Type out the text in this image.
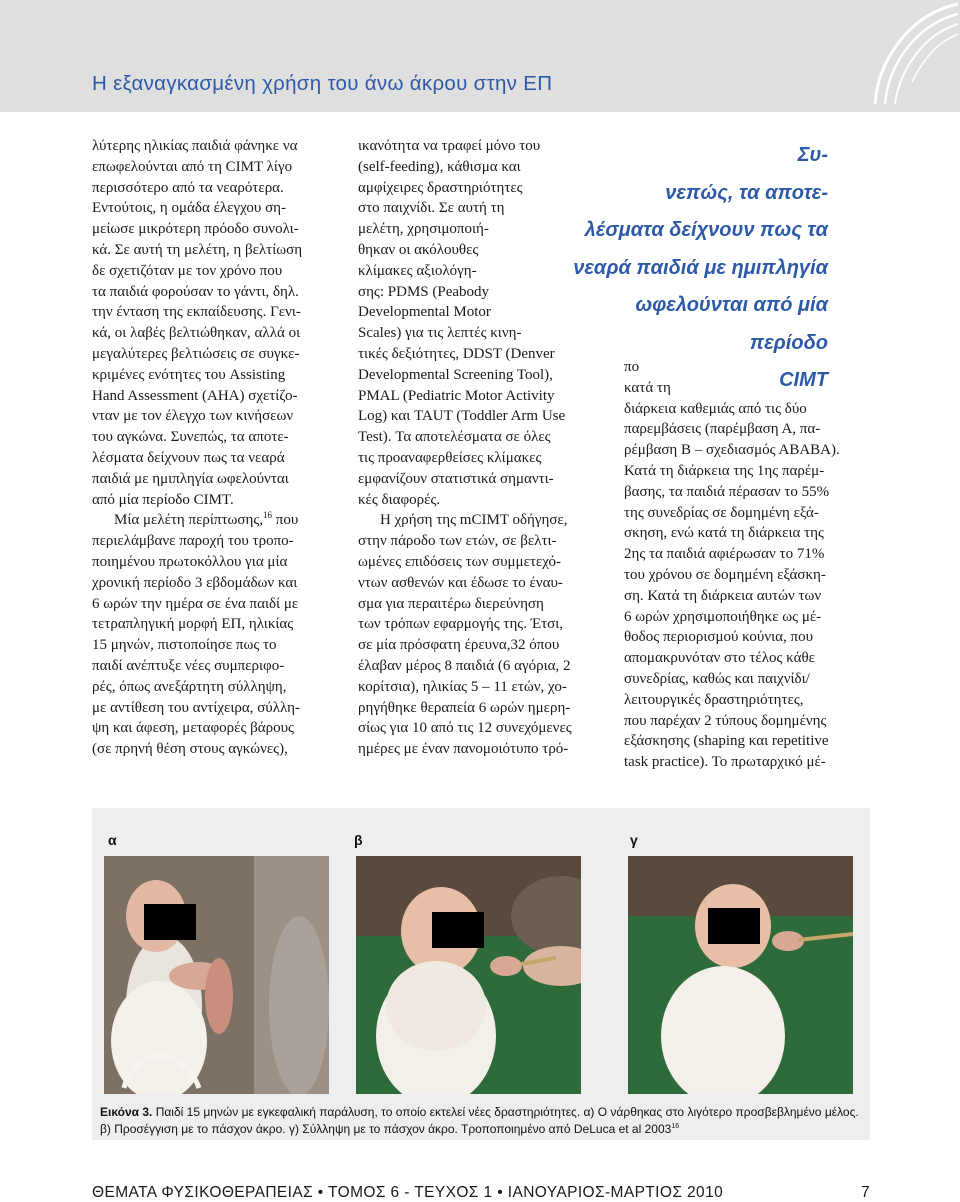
Η εξαναγκασμένη χρήση του άνω άκρου στην ΕΠ
λύτερης ηλικίας παιδιά φάνηκε να
επωφελούνται από τη CIMT λίγο
περισσότερο από τα νεαρότερα.
Εντούτοις, η ομάδα έλεγχου ση-
μείωσε μικρότερη πρόοδο συνολι-
κά. Σε αυτή τη μελέτη, η βελτίωση
δε σχετιζόταν με τον χρόνο που
τα παιδιά φορούσαν το γάντι, δηλ.
την ένταση της εκπαίδευσης. Γενι-
κά, οι λαβές βελτιώθηκαν, αλλά οι
μεγαλύτερες βελτιώσεις σε συγκε-
κριμένες ενότητες του Assisting
Hand Assessment (AHA) σχετίζο-
νταν με τον έλεγχο των κινήσεων
του αγκώνα. Συνεπώς, τα αποτε-
λέσματα δείχνουν πως τα νεαρά
παιδιά με ημιπληγία ωφελούνται
από μία περίοδο CIMT.
Μία μελέτη περίπτωσης,$^{16}$ που
περιελάμβανε παροχή του τροπο-
ποιημένου πρωτοκόλλου για μία
χρονική περίοδο 3 εβδομάδων και
6 ωρών την ημέρα σε ένα παιδί με
τετραπληγική μορφή ΕΠ, ηλικίας
15 μηνών, πιστοποίησε πως το
παιδί ανέπτυξε νέες συμπεριφο-
ρές, όπως ανεξάρτητη σύλληψη,
με αντίθεση του αντίχειρα, σύλλη-
ψη και άφεση, μεταφορές βάρους
(σε πρηνή θέση στους αγκώνες),
ικανότητα να τραφεί μόνο του
(self-feeding), κάθισμα και
αμφίχειρες δραστηριότητες
στο παιχνίδι. Σε αυτή τη
μελέτη, χρησιμοποιή-
θηκαν οι ακόλουθες
κλίμακες αξιολόγη-
σης: PDMS (Peabody
Developmental Motor
Scales) για τις λεπτές κινη-
τικές δεξιότητες, DDST (Denver
Developmental Screening Tool),
PMAL (Pediatric Motor Activity
Log) και TAUT (Toddler Arm Use
Test). Τα αποτελέσματα σε όλες
τις προαναφερθείσες κλίμακες
εμφανίζουν στατιστικά σημαντι-
κές διαφορές.
Η χρήση της mCIMT οδήγησε,
στην πάροδο των ετών, σε βελτι-
ωμένες επιδόσεις των συμμετεχό-
ντων ασθενών και έδωσε το έναυ-
σμα για περαιτέρω διερεύνηση
των τρόπων εφαρμογής της. Έτσι,
σε μία πρόσφατη έρευνα,32 όπου
έλαβαν μέρος 8 παιδιά (6 αγόρια, 2
κορίτσια), ηλικίας 5 – 11 ετών, χο-
ρηγήθηκε θεραπεία 6 ωρών ημερη-
σίως για 10 από τις 12 συνεχόμενες
ημέρες με έναν πανομοιότυπο τρό-
Συ-
νεπώς, τα αποτε-
λέσματα δείχνουν πως τα
νεαρά παιδιά με ημιπληγία
ωφελούνται από μία περίοδο
CIMT
πο
κατά τη
διάρκεια καθεμιάς από τις δύο
παρεμβάσεις (παρέμβαση Α, πα-
ρέμβαση Β – σχεδιασμός ΑΒΑΒΑ).
Κατά τη διάρκεια της 1ης παρέμ-
βασης, τα παιδιά πέρασαν το 55%
της συνεδρίας σε δομημένη εξά-
σκηση, ενώ κατά τη διάρκεια της
2ης τα παιδιά αφιέρωσαν το 71%
του χρόνου σε δομημένη εξάσκη-
ση. Κατά τη διάρκεια αυτών των
6 ωρών χρησιμοποιήθηκε ως μέ-
θοδος περιορισμού κούνια, που
απομακρυνόταν στο τέλος κάθε
συνεδρίας, καθώς και παιχνίδι/
λειτουργικές δραστηριότητες,
που παρέχαν 2 τύπους δομημένης
εξάσκησης (shaping και repetitive
task practice). Το πρωταρχικό μέ-
α	β	γ
Εικόνα 3. Παιδί 15 μηνών με εγκεφαλική παράλυση, το οποίο εκτελεί νέες δραστηριότητες. α) Ο νάρθηκας στο λιγότερο προσβεβλημένο μέλος. β) Προσέγγιση με το πάσχον άκρο. γ) Σύλληψη με το πάσχον άκρο. Τροποποιημένο από DeLuca et al 2003$^{16}$
ΘΕΜΑΤΑ ΦΥΣΙΚΟΘΕΡΑΠΕΙΑΣ • ΤΟΜΟΣ 6 - ΤΕΥΧΟΣ 1 • ΙΑΝΟΥΑΡΙΟΣ-ΜΑΡΤΙΟΣ 2010	7
